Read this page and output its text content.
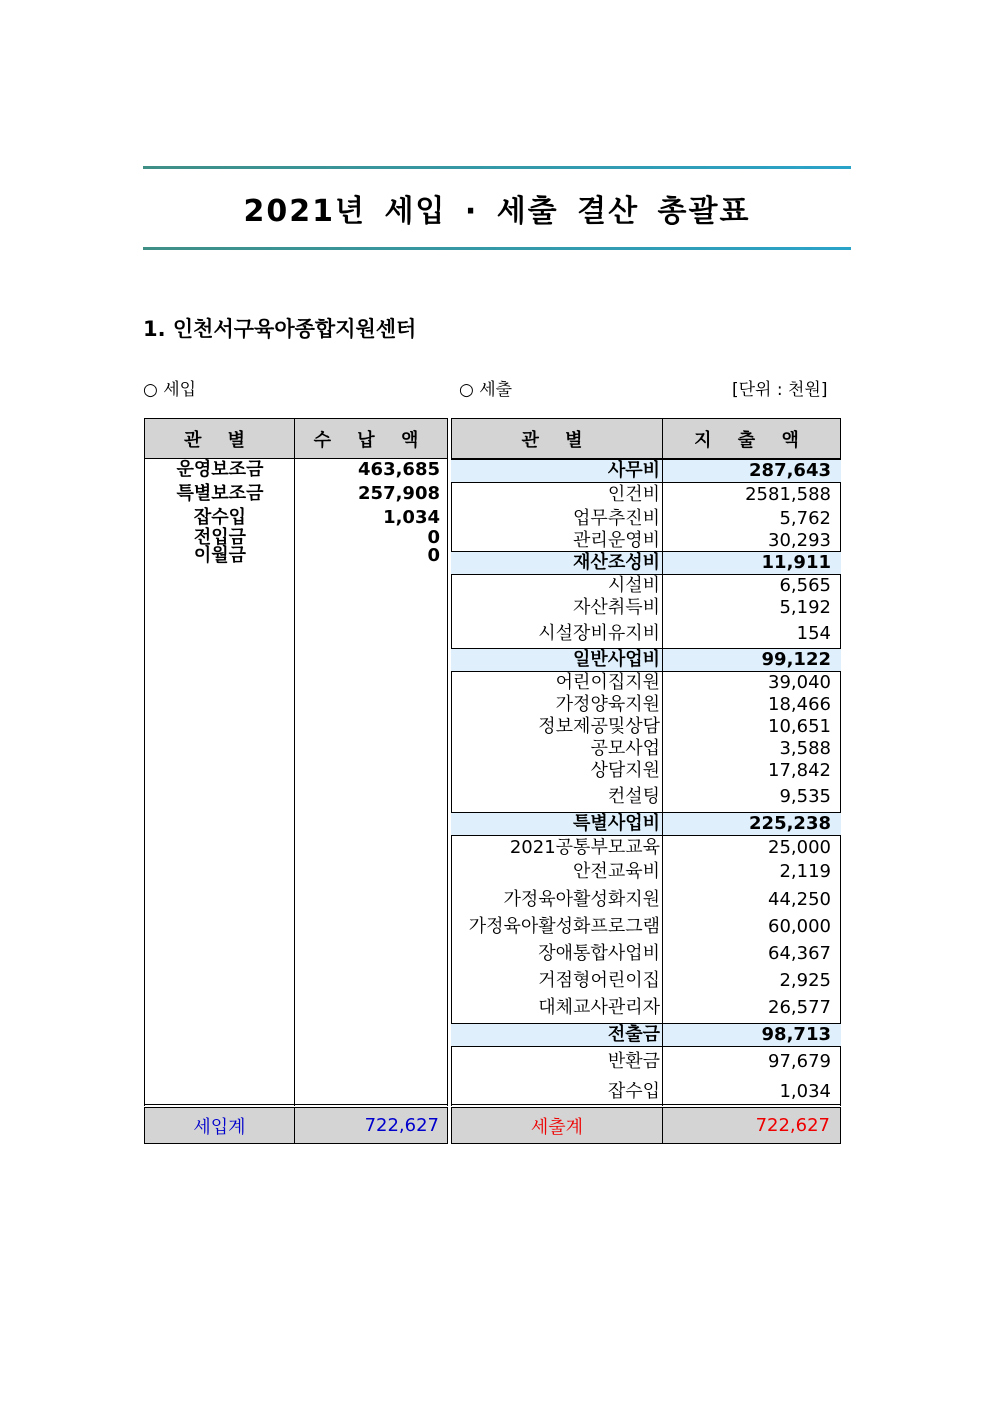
2021년 세입 · 세출 결산 총괄표
1. 인천서구육아종합지원센터
○ 세입	○ 세출	[단위 : 천원]
관 별	수 납 액
운영보조금	463,685
특별보조금	257,908
잡수입	1,034
전입금	0
이월금	0
세입계	722,627
관 별	지 출 액
사무비	287,643
인건비	2581,588
업무추진비	5,762
관리운영비	30,293
재산조성비	11,911
시설비	6,565
자산취득비	5,192
시설장비유지비	154
일반사업비	99,122
어린이집지원	39,040
가정양육지원	18,466
정보제공및상담	10,651
공모사업	3,588
상담지원	17,842
컨설팅	9,535
특별사업비	225,238
2021공통부모교육	25,000
안전교육비	2,119
가정육아활성화지원	44,250
가정육아활성화프로그램	60,000
장애통합사업비	64,367
거점형어린이집	2,925
대체교사관리자	26,577
전출금	98,713
반환금	97,679
잡수입	1,034
세출계	722,627
